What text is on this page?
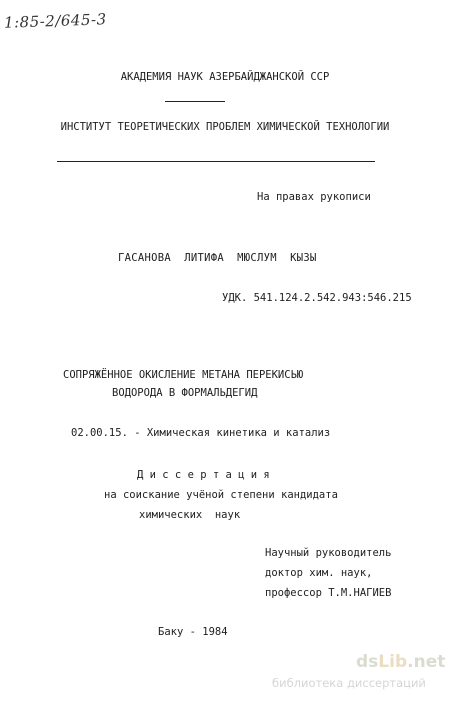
1:85-2/645-3
АКАДЕМИЯ НАУК АЗЕРБАЙДЖАНСКОЙ ССР
ИНСТИТУТ ТЕОРЕТИЧЕСКИХ ПРОБЛЕМ ХИМИЧЕСКОЙ ТЕХНОЛОГИИ
На правах рукописи
ГАСАНОВА  ЛИТИФА  МЮСЛУМ  КЫЗЫ
УДК. 541.124.2.542.943:546.215
СОПРЯЖЁННОЕ ОКИСЛЕНИЕ МЕТАНА ПЕРЕКИСЬЮ
ВОДОРОДА В ФОРМАЛЬДЕГИД
02.00.15. - Химическая кинетика и катализ
Д и с с е р т а ц и я
на соискание учёной степени кандидата
химических  наук
Научный руководитель
доктор хим. наук,
профессор Т.М.НАГИЕВ
Баку - 1984
dsLib.net
библиотека диссертаций
